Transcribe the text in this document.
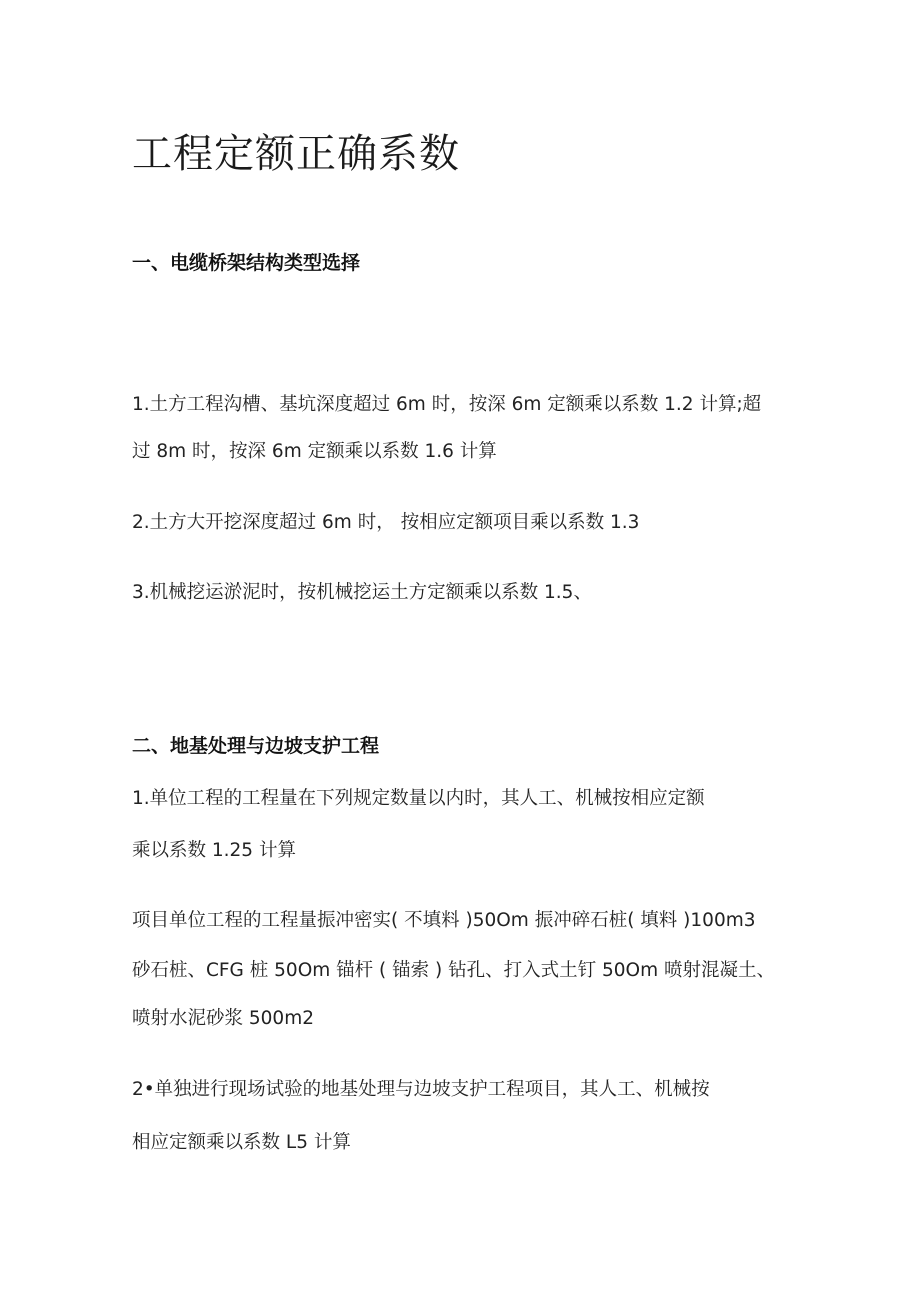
工程定额正确系数
一、电缆桥架结构类型选择

1.土方工程沟槽、基坑深度超过 6m 时，按深 6m 定额乘以系数 1.2 计算;超

过 8m 时，按深 6m 定额乘以系数 1.6 计算

2.土方大开挖深度超过 6m 时， 按相应定额项目乘以系数 1.3

3.机械挖运淤泥时，按机械挖运土方定额乘以系数 1.5、

二、地基处理与边坡支护工程

1.单位工程的工程量在下列规定数量以内时，其人工、机械按相应定额

乘以系数 1.25 计算

项目单位工程的工程量振冲密实( 不填料 )50Om 振冲碎石桩( 填料 )100m3

砂石桩、CFG 桩 50Om 锚杆 ( 锚索 ) 钻孔、打入式土钉 50Om 喷射混凝土、

喷射水泥砂浆 500m2

2•单独进行现场试验的地基处理与边坡支护工程项目，其人工、机械按

相应定额乘以系数 L5 计算
